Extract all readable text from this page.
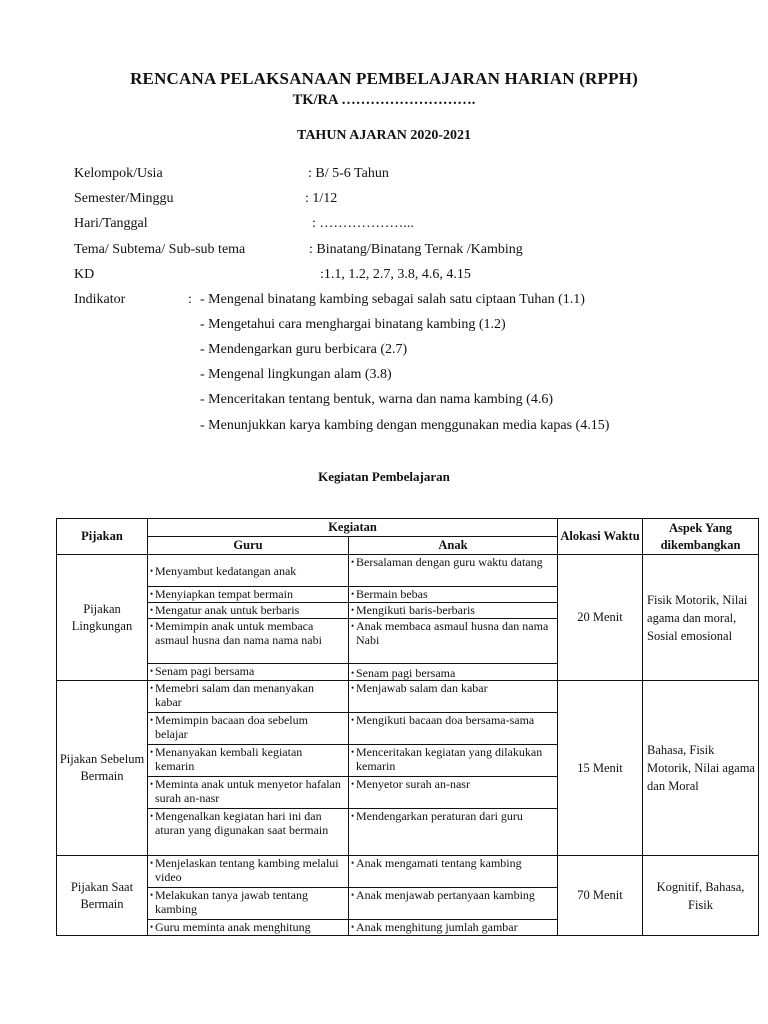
RENCANA PELAKSANAAN PEMBELAJARAN HARIAN (RPPH)
TK/RA ……………………….
TAHUN AJARAN 2020-2021
Kelompok/Usia	: B/ 5-6 Tahun
Semester/Minggu	: 1/12
Hari/Tanggal	: ………………...
Tema/ Subtema/ Sub-sub tema	: Binatang/Binatang Ternak /Kambing
KD	:1.1, 1.2, 2.7, 3.8, 4.6, 4.15
Indikator	: - Mengenal binatang kambing sebagai salah satu ciptaan Tuhan (1.1)
- Mengetahui cara menghargai binatang kambing (1.2)
- Mendengarkan guru berbicara (2.7)
- Mengenal lingkungan alam (3.8)
- Menceritakan tentang bentuk, warna dan nama kambing (4.6)
- Menunjukkan karya kambing dengan menggunakan media kapas (4.15)
Kegiatan Pembelajaran
Pijakan	Kegiatan		Alokasi Waktu	Aspek Yang dikembangkan
	Guru	Anak		
Pijakan Lingkungan	• Menyambut kedatangan anak	• Bersalaman dengan guru waktu datang	20 Menit	Fisik Motorik, Nilai agama dan moral, Sosial emosional
	• Menyiapkan tempat bermain	• Bermain bebas		
	• Mengatur anak untuk berbaris	• Mengikuti baris-berbaris		
	• Memimpin anak untuk membaca asmaul husna dan nama nama nabi	• Anak membaca asmaul husna dan nama Nabi		
	• Senam pagi bersama	• Senam pagi bersama		
Pijakan Sebelum Bermain	• Memebri salam dan menanyakan kabar	• Menjawab salam dan kabar	15 Menit	Bahasa, Fisik Motorik, Nilai agama dan Moral
	• Memimpin bacaan doa sebelum belajar	• Mengikuti bacaan doa bersama-sama		
	• Menanyakan kembali kegiatan kemarin	• Menceritakan kegiatan yang dilakukan kemarin		
	• Meminta anak untuk menyetor hafalan surah an-nasr	• Menyetor surah an-nasr		
	• Mengenalkan kegiatan hari ini dan aturan yang digunakan saat bermain	• Mendengarkan peraturan dari guru		
Pijakan Saat Bermain	• Menjelaskan tentang kambing melalui video	• Anak mengamati tentang kambing	70 Menit	Kognitif, Bahasa, Fisik
	• Melakukan tanya jawab tentang kambing	• Anak menjawab pertanyaan kambing		
	• Guru meminta anak menghitung	• Anak menghitung jumlah gambar		
